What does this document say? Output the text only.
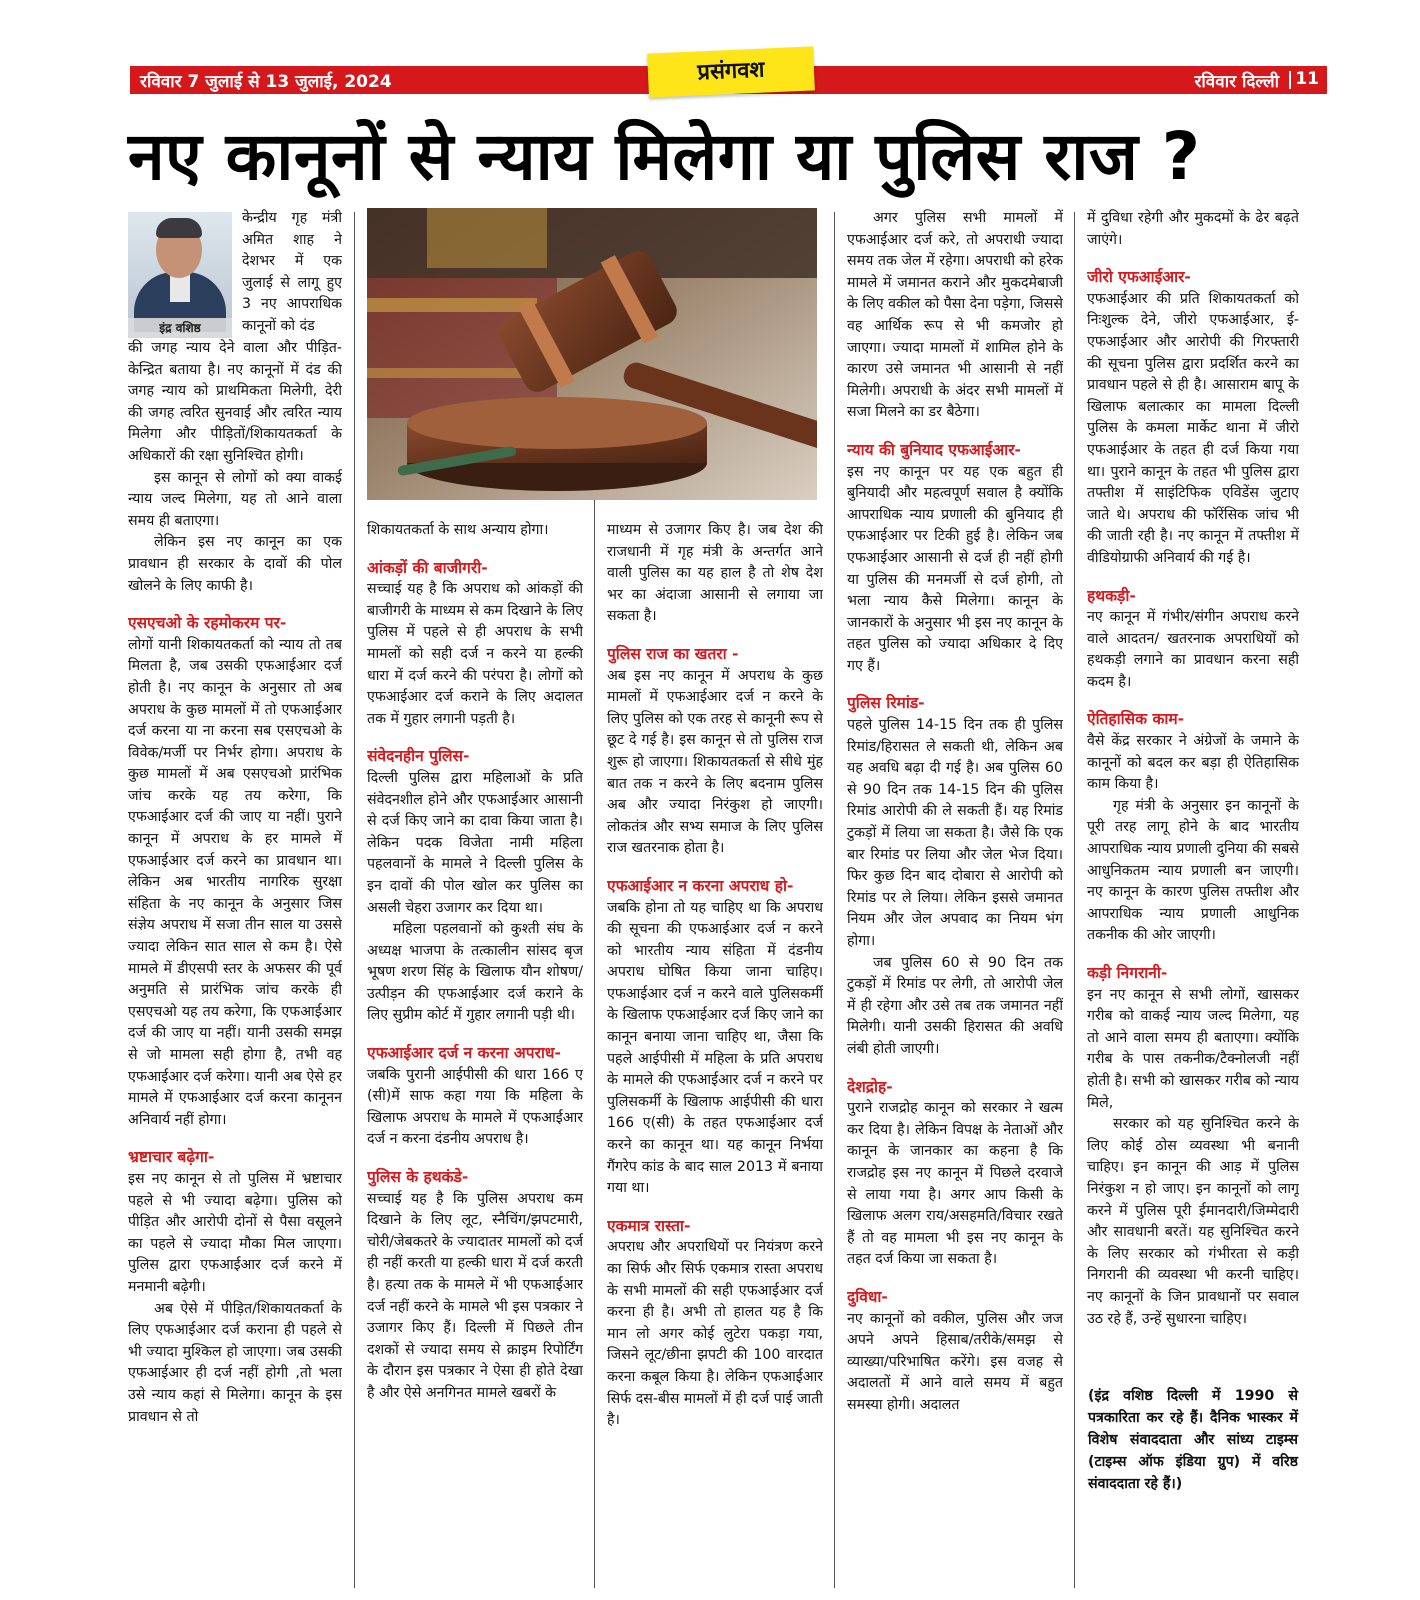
रविवार 7 जुलाई से 13 जुलाई, 2024	रविवार दिल्ली 11
प्रसंगवश
नए कानूनों से न्याय मिलेगा या पुलिस राज ?
इंद्र वशिष्ठ

केन्द्रीय गृह मंत्री अमित शाह ने देशभर में एक जुलाई से लागू हुए 3 नए आपराधिक कानूनों को दंड

की जगह न्याय देने वाला और पीड़ित-केन्द्रित बताया है। नए कानूनों में दंड की जगह न्याय को प्राथमिकता मिलेगी, देरी की जगह त्वरित सुनवाई और त्वरित न्याय मिलेगा और पीड़ितों/शिकायतकर्ता के अधिकारों की रक्षा सुनिश्चित होगी।

इस कानून से लोगों को क्या वाकई न्याय जल्द मिलेगा, यह तो आने वाला समय ही बताएगा।

लेकिन इस नए कानून का एक प्रावधान ही सरकार के दावों की पोल खोलने के लिए काफी है।

एसएचओ के रहमोकरम पर-

लोगों यानी शिकायतकर्ता को न्याय तो तब मिलता है, जब उसकी एफआईआर दर्ज होती है। नए कानून के अनुसार तो अब अपराध के कुछ मामलों में तो एफआईआर दर्ज करना या ना करना सब एसएचओ के विवेक/मर्जी पर निर्भर होगा। अपराध के कुछ मामलों में अब एसएचओ प्रारंभिक जांच करके यह तय करेगा, कि एफआईआर दर्ज की जाए या नहीं। पुराने कानून में अपराध के हर मामले में एफआईआर दर्ज करने का प्रावधान था। लेकिन अब भारतीय नागरिक सुरक्षा संहिता के नए कानून के अनुसार जिस संज्ञेय अपराध में सजा तीन साल या उससे ज्यादा लेकिन सात साल से कम है। ऐसे मामले में डीएसपी स्तर के अफसर की पूर्व अनुमति से प्रारंभिक जांच करके ही एसएचओ यह तय करेगा, कि एफआईआर दर्ज की जाए या नहीं। यानी उसकी समझ से जो मामला सही होगा है, तभी वह एफआईआर दर्ज करेगा। यानी अब ऐसे हर मामले में एफआईआर दर्ज करना कानूनन अनिवार्य नहीं होगा।

भ्रष्टाचार बढ़ेगा-

इस नए कानून से तो पुलिस में भ्रष्टाचार पहले से भी ज्यादा बढ़ेगा। पुलिस को पीड़ित और आरोपी दोनों से पैसा वसूलने का पहले से ज्यादा मौका मिल जाएगा। पुलिस द्वारा एफआईआर दर्ज करने में मनमानी बढ़ेगी।

अब ऐसे में पीड़ित/शिकायतकर्ता के लिए एफआईआर दर्ज कराना ही पहले से भी ज्यादा मुश्किल हो जाएगा। जब उसकी एफआईआर ही दर्ज नहीं होगी ,तो भला उसे न्याय कहां से मिलेगा। कानून के इस प्रावधान से तो

शिकायतकर्ता के साथ अन्याय होगा।

आंकड़ों की बाजीगरी-

सच्चाई यह है कि अपराध को आंकड़ों की बाजीगरी के माध्यम से कम दिखाने के लिए पुलिस में पहले से ही अपराध के सभी मामलों को सही दर्ज न करने या हल्की धारा में दर्ज करने की परंपरा है। लोगों को एफआईआर दर्ज कराने के लिए अदालत तक में गुहार लगानी पड़ती है।

संवेदनहीन पुलिस-

दिल्ली पुलिस द्वारा महिलाओं के प्रति संवेदनशील होने और एफआईआर आसानी से दर्ज किए जाने का दावा किया जाता है। लेकिन पदक विजेता नामी महिला पहलवानों के मामले ने दिल्ली पुलिस के इन दावों की पोल खोल कर पुलिस का असली चेहरा उजागर कर दिया था।

महिला पहलवानों को कुश्ती संघ के अध्यक्ष भाजपा के तत्कालीन सांसद बृज भूषण शरण सिंह के खिलाफ यौन शोषण/ उत्पीड़न की एफआईआर दर्ज कराने के लिए सुप्रीम कोर्ट में गुहार लगानी पड़ी थी।

एफआईआर दर्ज न करना अपराध-

जबकि पुरानी आईपीसी की धारा 166 ए (सी)में साफ कहा गया कि महिला के खिलाफ अपराध के मामले में एफआईआर दर्ज न करना दंडनीय अपराध है।

पुलिस के हथकंडे-

सच्चाई यह है कि पुलिस अपराध कम दिखाने के लिए लूट, स्नैचिंग/झपटमारी, चोरी/जेबकतरे के ज्यादातर मामलों को दर्ज ही नहीं करती या हल्की धारा में दर्ज करती है। हत्या तक के मामले में भी एफआईआर दर्ज नहीं करने के मामले भी इस पत्रकार ने उजागर किए हैं। दिल्ली में पिछले तीन दशकों से ज्यादा समय से क्राइम रिपोर्टिंग के दौरान इस पत्रकार ने ऐसा ही होते देखा है और ऐसे अनगिनत मामले खबरों के

माध्यम से उजागर किए है। जब देश की राजधानी में गृह मंत्री के अन्तर्गत आने वाली पुलिस का यह हाल है तो शेष देश भर का अंदाजा आसानी से लगाया जा सकता है।

पुलिस राज का खतरा -

अब इस नए कानून में अपराध के कुछ मामलों में एफआईआर दर्ज न करने के लिए पुलिस को एक तरह से कानूनी रूप से छूट दे गई है। इस कानून से तो पुलिस राज शुरू हो जाएगा। शिकायतकर्ता से सीधे मुंह बात तक न करने के लिए बदनाम पुलिस अब और ज्यादा निरंकुश हो जाएगी। लोकतंत्र और सभ्य समाज के लिए पुलिस राज खतरनाक होता है।

एफआईआर न करना अपराध हो-

जबकि होना तो यह चाहिए था कि अपराध की सूचना की एफआईआर दर्ज न करने को भारतीय न्याय संहिता में दंडनीय अपराध घोषित किया जाना चाहिए। एफआईआर दर्ज न करने वाले पुलिसकर्मी के खिलाफ एफआईआर दर्ज किए जाने का कानून बनाया जाना चाहिए था, जैसा कि पहले आईपीसी में महिला के प्रति अपराध के मामले की एफआईआर दर्ज न करने पर पुलिसकर्मी के खिलाफ आईपीसी की धारा 166 ए(सी) के तहत एफआईआर दर्ज करने का कानून था। यह कानून निर्भया गैंगरेप कांड के बाद साल 2013 में बनाया गया था।

एकमात्र रास्ता-

अपराध और अपराधियों पर नियंत्रण करने का सिर्फ और सिर्फ एकमात्र रास्ता अपराध के सभी मामलों की सही एफआईआर दर्ज करना ही है। अभी तो हालत यह है कि मान लो अगर कोई लुटेरा पकड़ा गया, जिसने लूट/छीना झपटी की 100 वारदात करना कबूल किया है। लेकिन एफआईआर सिर्फ दस-बीस मामलों में ही दर्ज पाई जाती है।

अगर पुलिस सभी मामलों में एफआईआर दर्ज करे, तो अपराधी ज्यादा समय तक जेल में रहेगा। अपराधी को हरेक मामले में जमानत कराने और मुकदमेबाजी के लिए वकील को पैसा देना पड़ेगा, जिससे वह आर्थिक रूप से भी कमजोर हो जाएगा। ज्यादा मामलों में शामिल होने के कारण उसे जमानत भी आसानी से नहीं मिलेगी। अपराधी के अंदर सभी मामलों में सजा मिलने का डर बैठेगा।

न्याय की बुनियाद एफआईआर-

इस नए कानून पर यह एक बहुत ही बुनियादी और महत्वपूर्ण सवाल है क्योंकि आपराधिक न्याय प्रणाली की बुनियाद ही एफआईआर पर टिकी हुई है। लेकिन जब एफआईआर आसानी से दर्ज ही नहीं होगी या पुलिस की मनमर्जी से दर्ज होगी, तो भला न्याय कैसे मिलेगा। कानून के जानकारों के अनुसार भी इस नए कानून के तहत पुलिस को ज्यादा अधिकार दे दिए गए हैं।

पुलिस रिमांड-

पहले पुलिस 14-15 दिन तक ही पुलिस रिमांड/हिरासत ले सकती थी, लेकिन अब यह अवधि बढ़ा दी गई है। अब पुलिस 60 से 90 दिन तक 14-15 दिन की पुलिस रिमांड आरोपी की ले सकती हैं। यह रिमांड टुकड़ों में लिया जा सकता है। जैसे कि एक बार रिमांड पर लिया और जेल भेज दिया। फिर कुछ दिन बाद दोबारा से आरोपी को रिमांड पर ले लिया। लेकिन इससे जमानत नियम और जेल अपवाद का नियम भंग होगा।

जब पुलिस 60 से 90 दिन तक टुकड़ों में रिमांड पर लेगी, तो आरोपी जेल में ही रहेगा और उसे तब तक जमानत नहीं मिलेगी। यानी उसकी हिरासत की अवधि लंबी होती जाएगी।

देशद्रोह-

पुराने राजद्रोह कानून को सरकार ने खत्म कर दिया है। लेकिन विपक्ष के नेताओं और कानून के जानकार का कहना है कि राजद्रोह इस नए कानून में पिछले दरवाजे से लाया गया है। अगर आप किसी के खिलाफ अलग राय/असहमति/विचार रखते हैं तो वह मामला भी इस नए कानून के तहत दर्ज किया जा सकता है।

दुविधा-

नए कानूनों को वकील, पुलिस और जज अपने अपने हिसाब/तरीके/समझ से व्याख्या/परिभाषित करेंगे। इस वजह से अदालतों में आने वाले समय में बहुत समस्या होगी। अदालत

में दुविधा रहेगी और मुकदमों के ढेर बढ़ते जाएंगे।

जीरो एफआईआर-

एफआईआर की प्रति शिकायतकर्ता को निःशुल्क देने, जीरो एफआईआर, ई-एफआईआर और आरोपी की गिरफ्तारी की सूचना पुलिस द्वारा प्रदर्शित करने का प्रावधान पहले से ही है। आसाराम बापू के खिलाफ बलात्कार का मामला दिल्ली पुलिस के कमला मार्केट थाना में जीरो एफआईआर के तहत ही दर्ज किया गया था। पुराने कानून के तहत भी पुलिस द्वारा तफ्तीश में साइंटिफिक एविडेंस जुटाए जाते थे। अपराध की फॉरेंसिक जांच भी की जाती रही है। नए कानून में तफ्तीश में वीडियोग्राफी अनिवार्य की गई है।

हथकड़ी-

नए कानून में गंभीर/संगीन अपराध करने वाले आदतन/ खतरनाक अपराधियों को हथकड़ी लगाने का प्रावधान करना सही कदम है।

ऐतिहासिक काम-

वैसे केंद्र सरकार ने अंग्रेजों के जमाने के कानूनों को बदल कर बड़ा ही ऐतिहासिक काम किया है।

गृह मंत्री के अनुसार इन कानूनों के पूरी तरह लागू होने के बाद भारतीय आपराधिक न्याय प्रणाली दुनिया की सबसे आधुनिकतम न्याय प्रणाली बन जाएगी। नए कानून के कारण पुलिस तफ्तीश और आपराधिक न्याय प्रणाली आधुनिक तकनीक की ओर जाएगी।

कड़ी निगरानी-

इन नए कानून से सभी लोगों, खासकर गरीब को वाकई न्याय जल्द मिलेगा, यह तो आने वाला समय ही बताएगा। क्योंकि गरीब के पास तकनीक/टैक्नोलजी नहीं होती है। सभी को खासकर गरीब को न्याय मिले,

सरकार को यह सुनिश्चित करने के लिए कोई ठोस व्यवस्था भी बनानी चाहिए। इन कानून की आड़ में पुलिस निरंकुश न हो जाए। इन कानूनों को लागू करने में पुलिस पूरी ईमानदारी/जिम्मेदारी और सावधानी बरतें। यह सुनिश्चित करने के लिए सरकार को गंभीरता से कड़ी निगरानी की व्यवस्था भी करनी चाहिए। नए कानूनों के जिन प्रावधानों पर सवाल उठ रहे हैं, उन्हें सुधारना चाहिए।

(इंद्र वशिष्ठ दिल्ली में 1990 से पत्रकारिता कर रहे हैं। दैनिक भास्कर में विशेष संवाददाता और सांध्य टाइम्स (टाइम्स ऑफ इंडिया ग्रुप) में वरिष्ठ संवाददाता रहे हैं।)
